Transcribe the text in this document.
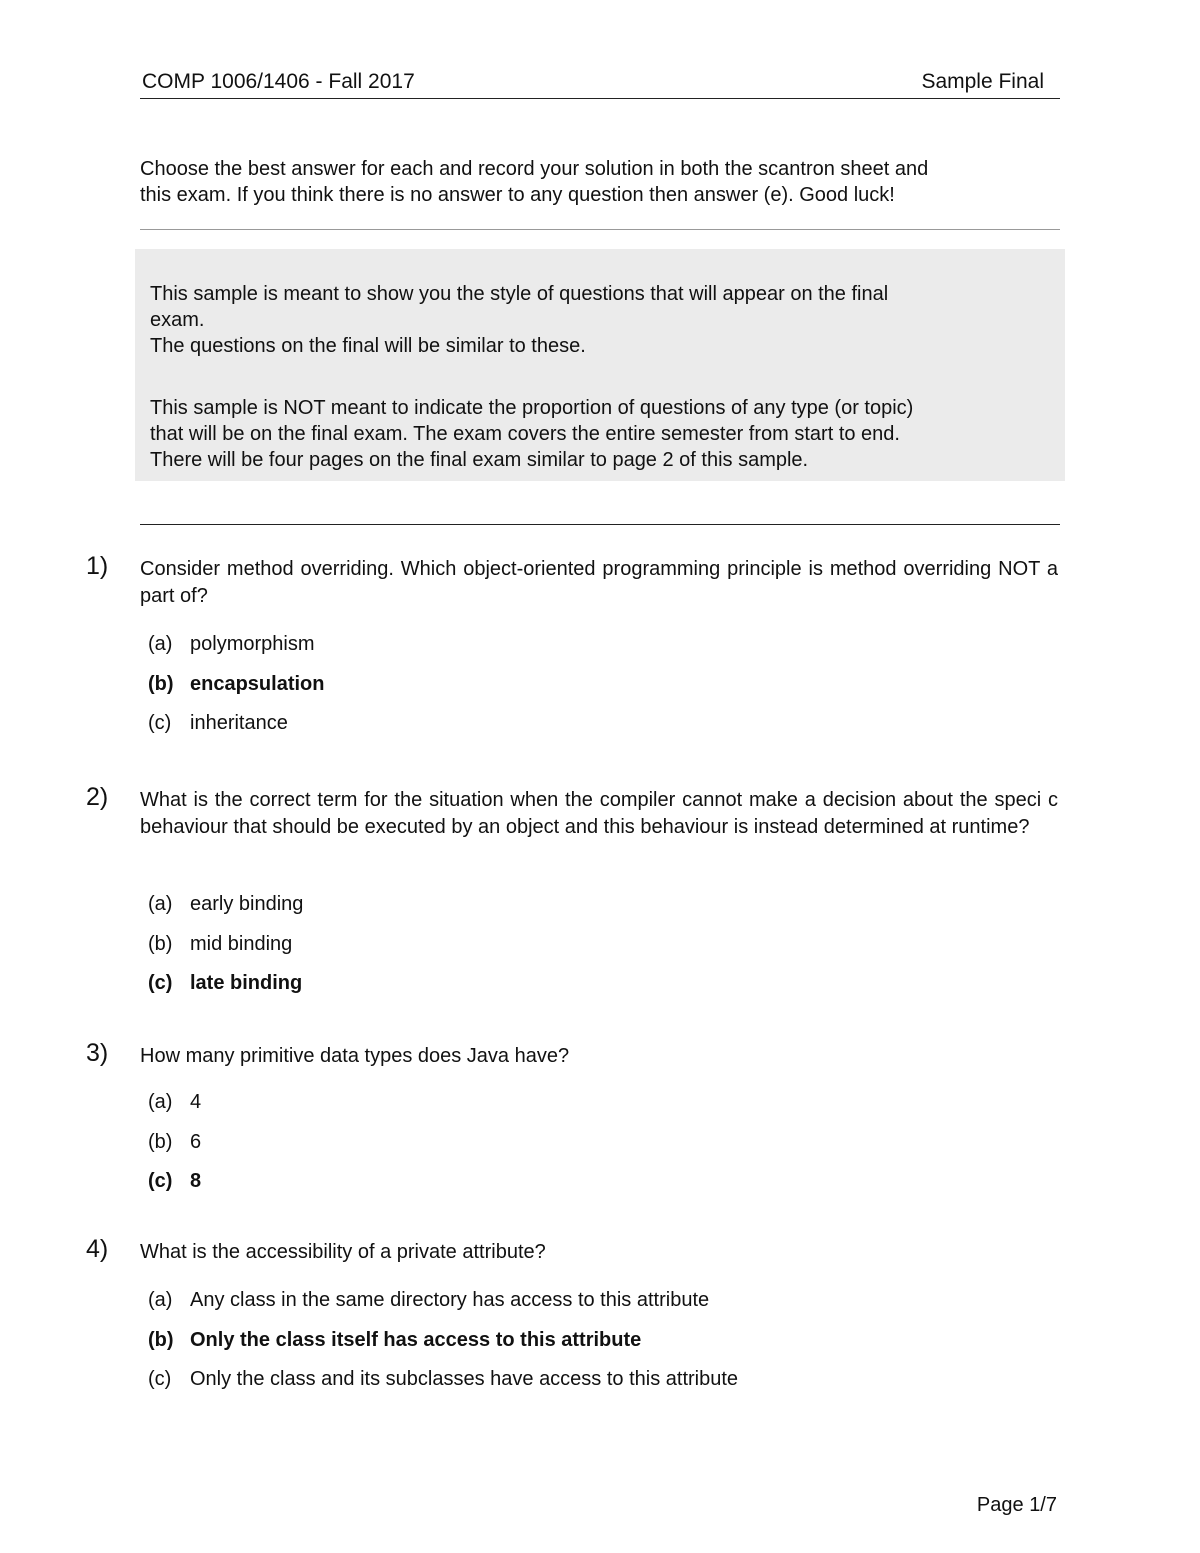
COMP 1006/1406 - Fall 2017	Sample Final
Choose the best answer for each and record your solution in both the scantron sheet and
this exam. If you think there is no answer to any question then answer (e). Good luck!

This sample is meant to show you the style of questions that will appear on the final

exam.

The questions on the final will be similar to these.

This sample is NOT meant to indicate the proportion of questions of any type (or topic)

that will be on the final exam. The exam covers the entire semester from start to end.

There will be four pages on the final exam similar to page 2 of this sample.

1) Consider method overriding. Which object-oriented programming principle is method overriding NOT a part of?
(a) polymorphism
(b) encapsulation
(c) inheritance
2) What is the correct term for the situation when the compiler cannot make a decision about the speci c behaviour that should be executed by an object and this behaviour is instead determined at runtime?
(a) early binding
(b) mid binding
(c) late binding
3) How many primitive data types does Java have?
(a) 4
(b) 6
(c) 8
4) What is the accessibility of a private attribute?
(a) Any class in the same directory has access to this attribute
(b) Only the class itself has access to this attribute
(c) Only the class and its subclasses have access to this attribute
Page 1/7
